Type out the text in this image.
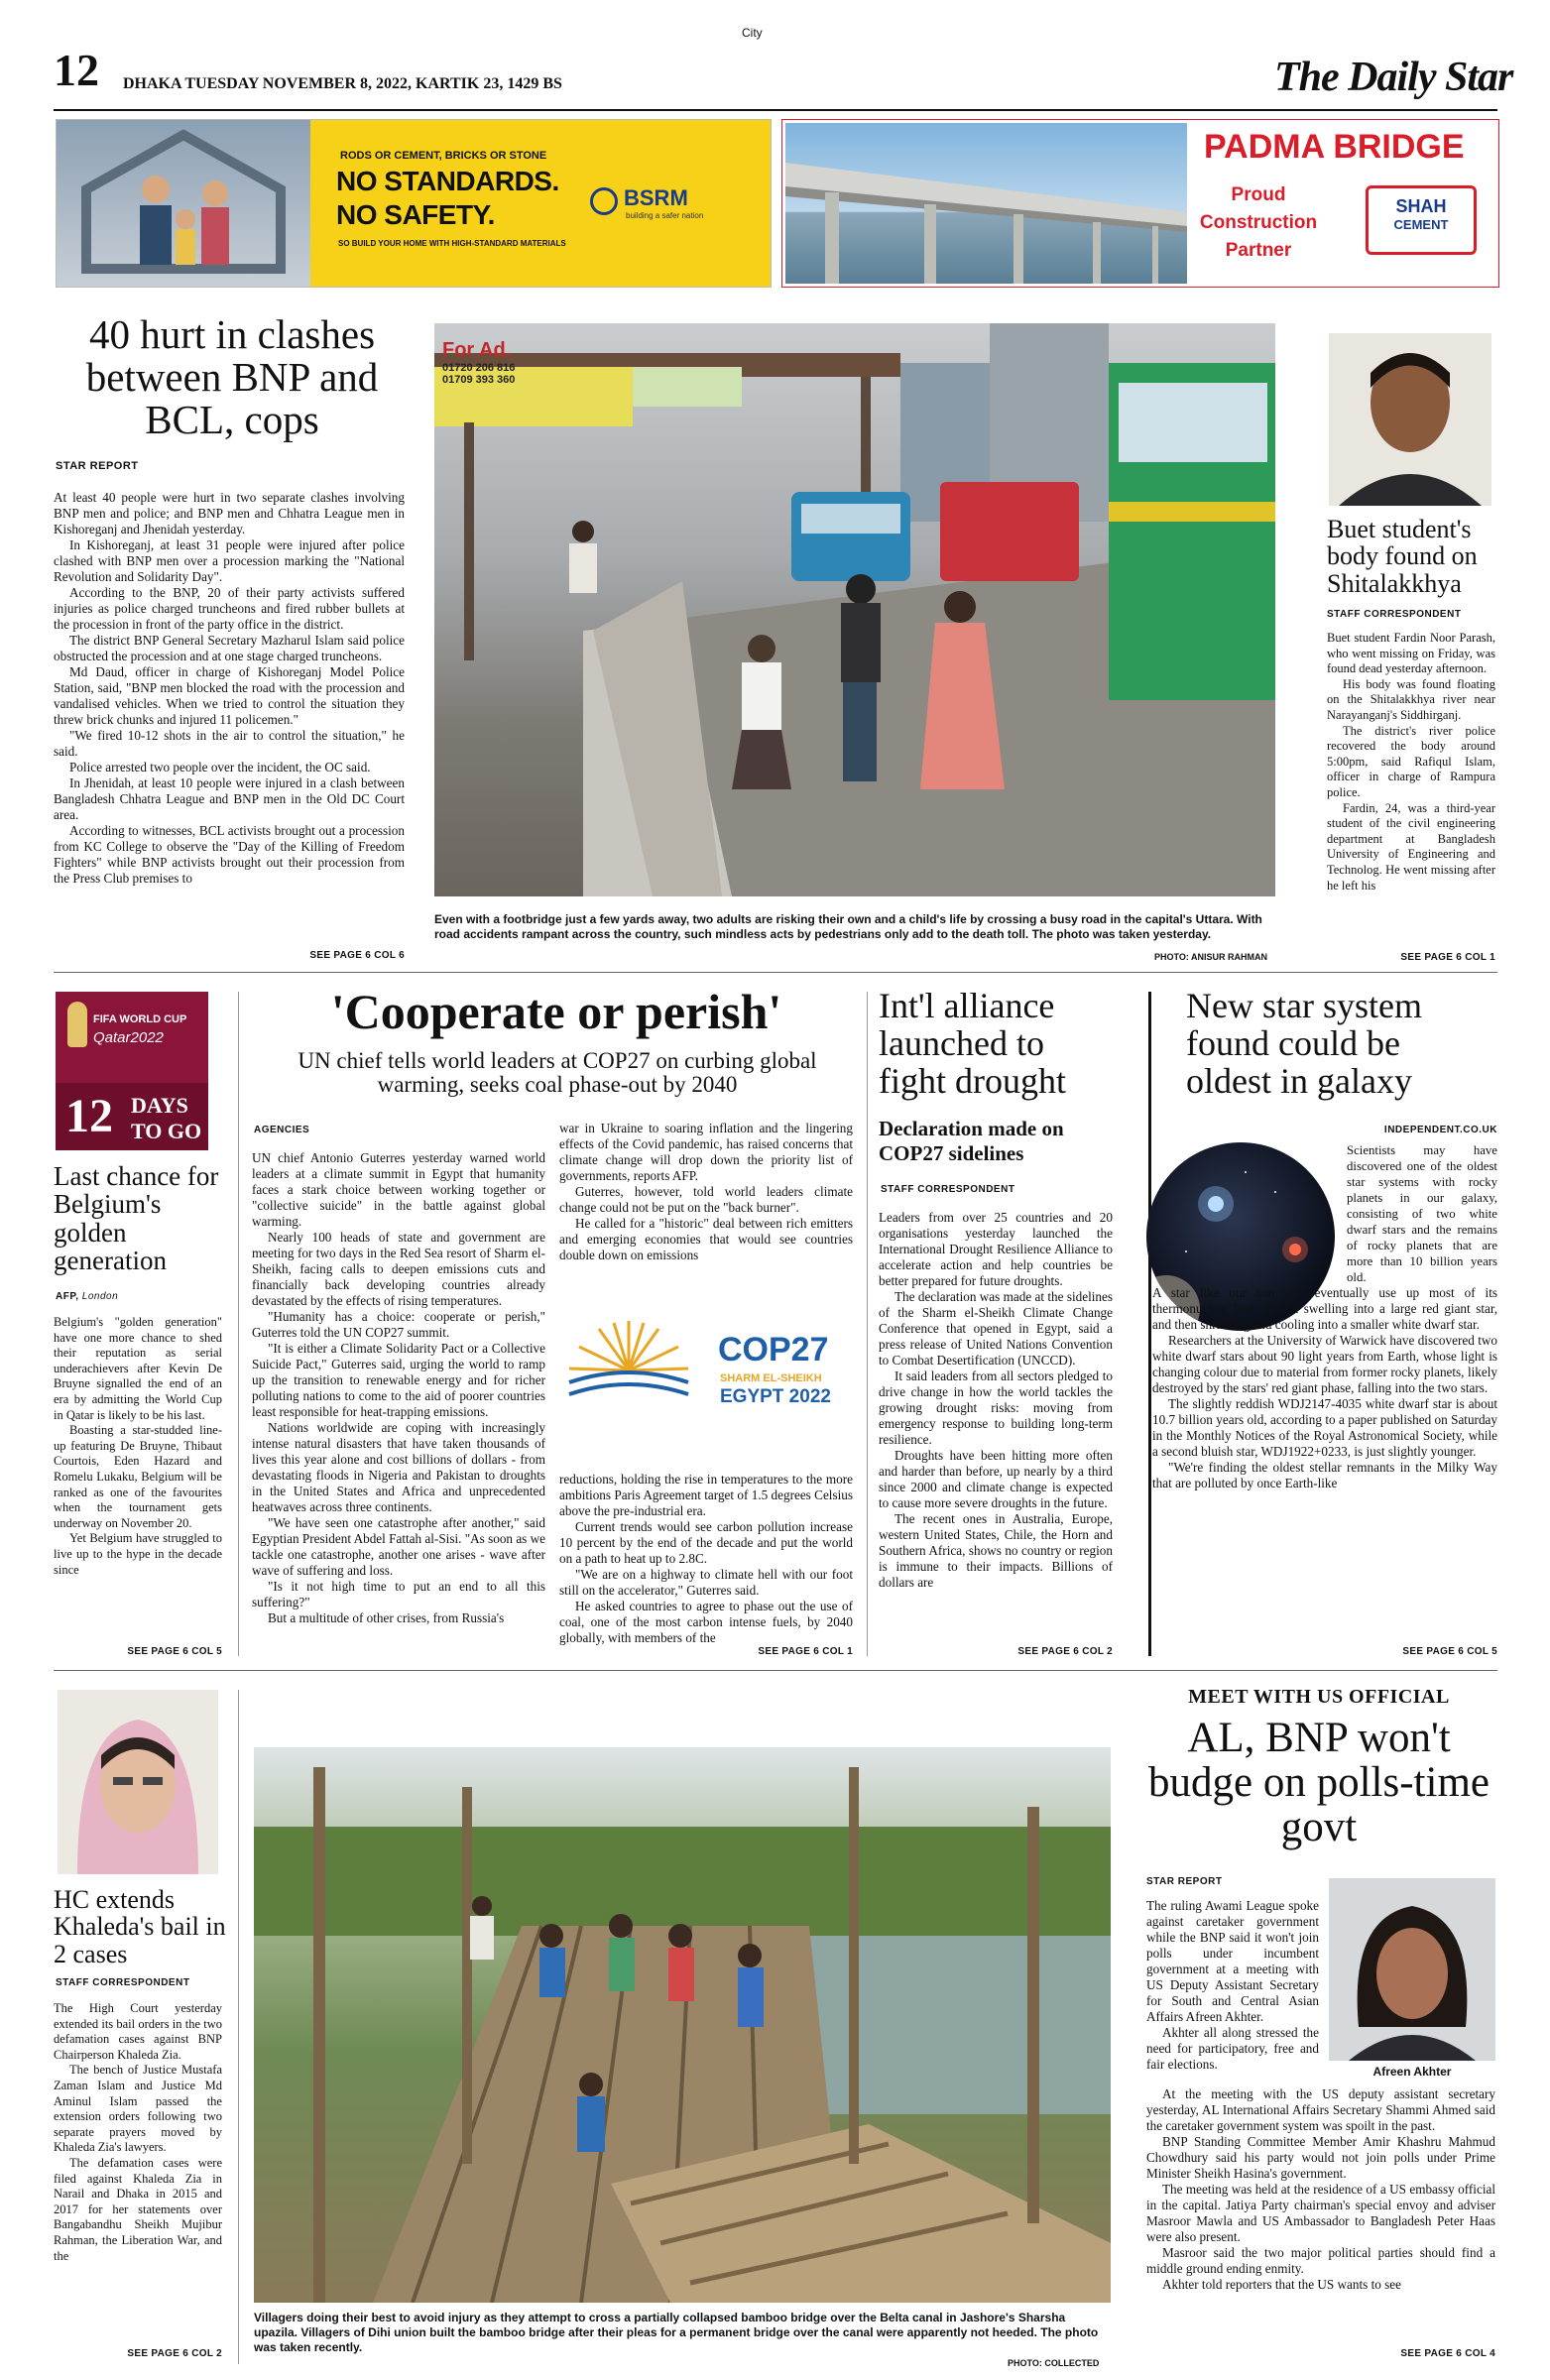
City
12 DHAKA TUESDAY NOVEMBER 8, 2022, KARTIK 23, 1429 BS	The Daily Star
RODS OR CEMENT, BRICKS OR STONE
NO STANDARDS.
NO SAFETY.
SO BUILD YOUR HOME WITH HIGH-STANDARD MATERIALS
BSRM
building a safer nation
PADMA BRIDGE
Proud
Construction
Partner
SHAH
CEMENT
40 hurt in clashes between BNP and BCL, cops
STAR REPORT

At least 40 people were hurt in two separate clashes involving BNP men and police; and BNP men and Chhatra League men in Kishoreganj and Jhenidah yesterday.

In Kishoreganj, at least 31 people were injured after police clashed with BNP men over a procession marking the "National Revolution and Solidarity Day".

According to the BNP, 20 of their party activists suffered injuries as police charged truncheons and fired rubber bullets at the procession in front of the party office in the district.

The district BNP General Secretary Mazharul Islam said police obstructed the procession and at one stage charged truncheons.

Md Daud, officer in charge of Kishoreganj Model Police Station, said, "BNP men blocked the road with the procession and vandalised vehicles. When we tried to control the situation they threw brick chunks and injured 11 policemen."

"We fired 10-12 shots in the air to control the situation," he said.

Police arrested two people over the incident, the OC said.

In Jhenidah, at least 10 people were injured in a clash between Bangladesh Chhatra League and BNP men in the Old DC Court area.

According to witnesses, BCL activists brought out a procession from KC College to observe the "Day of the Killing of Freedom Fighters" while BNP activists brought out their procession from the Press Club premises to

SEE PAGE 6 COL 6
For Ad.
01720 206 816
01709 393 360
Even with a footbridge just a few yards away, two adults are risking their own and a child's life by crossing a busy road in the capital's Uttara. With road accidents rampant across the country, such mindless acts by pedestrians only add to the death toll. The photo was taken yesterday.
PHOTO: ANISUR RAHMAN
Buet student's body found on Shitalakkhya
STAFF CORRESPONDENT

Buet student Fardin Noor Parash, who went missing on Friday, was found dead yesterday afternoon.

His body was found floating on the Shitalakkhya river near Narayanganj's Siddhirganj.

The district's river police recovered the body around 5:00pm, said Rafiqul Islam, officer in charge of Rampura police.

Fardin, 24, was a third-year student of the civil engineering department at Bangladesh University of Engineering and Technolog. He went missing after he left his

SEE PAGE 6 COL 1
FIFA WORLD CUP
Qatar2022
12 DAYS
TO GO
Last chance for Belgium's golden generation
AFP, London

Belgium's "golden generation" have one more chance to shed their reputation as serial underachievers after Kevin De Bruyne signalled the end of an era by admitting the World Cup in Qatar is likely to be his last.

Boasting a star-studded line-up featuring De Bruyne, Thibaut Courtois, Eden Hazard and Romelu Lukaku, Belgium will be ranked as one of the favourites when the tournament gets underway on November 20.

Yet Belgium have struggled to live up to the hype in the decade since

SEE PAGE 6 COL 5
'Cooperate or perish'
UN chief tells world leaders at COP27 on curbing global warming, seeks coal phase-out by 2040
AGENCIES

UN chief Antonio Guterres yesterday warned world leaders at a climate summit in Egypt that humanity faces a stark choice between working together or "collective suicide" in the battle against global warming.

Nearly 100 heads of state and government are meeting for two days in the Red Sea resort of Sharm el-Sheikh, facing calls to deepen emissions cuts and financially back developing countries already devastated by the effects of rising temperatures.

"Humanity has a choice: cooperate or perish," Guterres told the UN COP27 summit.

"It is either a Climate Solidarity Pact or a Collective Suicide Pact," Guterres said, urging the world to ramp up the transition to renewable energy and for richer polluting nations to come to the aid of poorer countries least responsible for heat-trapping emissions.

Nations worldwide are coping with increasingly intense natural disasters that have taken thousands of lives this year alone and cost billions of dollars - from devastating floods in Nigeria and Pakistan to droughts in the United States and Africa and unprecedented heatwaves across three continents.

"We have seen one catastrophe after another," said Egyptian President Abdel Fattah al-Sisi. "As soon as we tackle one catastrophe, another one arises - wave after wave of suffering and loss.

"Is it not high time to put an end to all this suffering?"

But a multitude of other crises, from Russia's

war in Ukraine to soaring inflation and the lingering effects of the Covid pandemic, has raised concerns that climate change will drop down the priority list of governments, reports AFP.

Guterres, however, told world leaders climate change could not be put on the "back burner".

He called for a "historic" deal between rich emitters and emerging economies that would see countries double down on emissions

COP27
SHARM EL-SHEIKH
EGYPT 2022

reductions, holding the rise in temperatures to the more ambitions Paris Agreement target of 1.5 degrees Celsius above the pre-industrial era.

Current trends would see carbon pollution increase 10 percent by the end of the decade and put the world on a path to heat up to 2.8C.

"We are on a highway to climate hell with our foot still on the accelerator," Guterres said.

He asked countries to agree to phase out the use of coal, one of the most carbon intense fuels, by 2040 globally, with members of the

SEE PAGE 6 COL 1
Int'l alliance launched to fight drought
Declaration made on COP27 sidelines
STAFF CORRESPONDENT

Leaders from over 25 countries and 20 organisations yesterday launched the International Drought Resilience Alliance to accelerate action and help countries be better prepared for future droughts.

The declaration was made at the sidelines of the Sharm el-Sheikh Climate Change Conference that opened in Egypt, said a press release of United Nations Convention to Combat Desertification (UNCCD).

It said leaders from all sectors pledged to drive change in how the world tackles the growing drought risks: moving from emergency response to building long-term resilience.

Droughts have been hitting more often and harder than before, up nearly by a third since 2000 and climate change is expected to cause more severe droughts in the future.

The recent ones in Australia, Europe, western United States, Chile, the Horn and Southern Africa, shows no country or region is immune to their impacts. Billions of dollars are

SEE PAGE 6 COL 2
New star system found could be oldest in galaxy
INDEPENDENT.CO.UK

Scientists may have discovered one of the oldest star systems with rocky planets in our galaxy, consisting of two white dwarf stars and the remains of rocky planets that are more than 10 billion years old.

A star like our sun will eventually use up most of its thermonuclear fuel, at first swelling into a large red giant star, and then shrinking and cooling into a smaller white dwarf star.

Researchers at the University of Warwick have discovered two white dwarf stars about 90 light years from Earth, whose light is changing colour due to material from former rocky planets, likely destroyed by the stars' red giant phase, falling into the two stars.

The slightly reddish WDJ2147-4035 white dwarf star is about 10.7 billion years old, according to a paper published on Saturday in the Monthly Notices of the Royal Astronomical Society, while a second bluish star, WDJ1922+0233, is just slightly younger.

"We're finding the oldest stellar remnants in the Milky Way that are polluted by once Earth-like

SEE PAGE 6 COL 5
HC extends Khaleda's bail in 2 cases
STAFF CORRESPONDENT

The High Court yesterday extended its bail orders in the two defamation cases against BNP Chairperson Khaleda Zia.

The bench of Justice Mustafa Zaman Islam and Justice Md Aminul Islam passed the extension orders following two separate prayers moved by Khaleda Zia's lawyers.

The defamation cases were filed against Khaleda Zia in Narail and Dhaka in 2015 and 2017 for her statements over Bangabandhu Sheikh Mujibur Rahman, the Liberation War, and the

SEE PAGE 6 COL 2
Villagers doing their best to avoid injury as they attempt to cross a partially collapsed bamboo bridge over the Belta canal in Jashore's Sharsha upazila. Villagers of Dihi union built the bamboo bridge after their pleas for a permanent bridge over the canal were apparently not heeded. The photo was taken recently.
PHOTO: COLLECTED
MEET WITH US OFFICIAL
AL, BNP won't budge on polls-time govt
STAR REPORT
Afreen Akhter

The ruling Awami League spoke against caretaker government while the BNP said it won't join polls under incumbent government at a meeting with US Deputy Assistant Secretary for South and Central Asian Affairs Afreen Akhter.

Akhter all along stressed the need for participatory, free and fair elections.

At the meeting with the US deputy assistant secretary yesterday, AL International Affairs Secretary Shammi Ahmed said the caretaker government system was spoilt in the past.

BNP Standing Committee Member Amir Khashru Mahmud Chowdhury said his party would not join polls under Prime Minister Sheikh Hasina's government.

The meeting was held at the residence of a US embassy official in the capital. Jatiya Party chairman's special envoy and adviser Masroor Mawla and US Ambassador to Bangladesh Peter Haas were also present.

Masroor said the two major political parties should find a middle ground ending enmity.

Akhter told reporters that the US wants to see

SEE PAGE 6 COL 4
